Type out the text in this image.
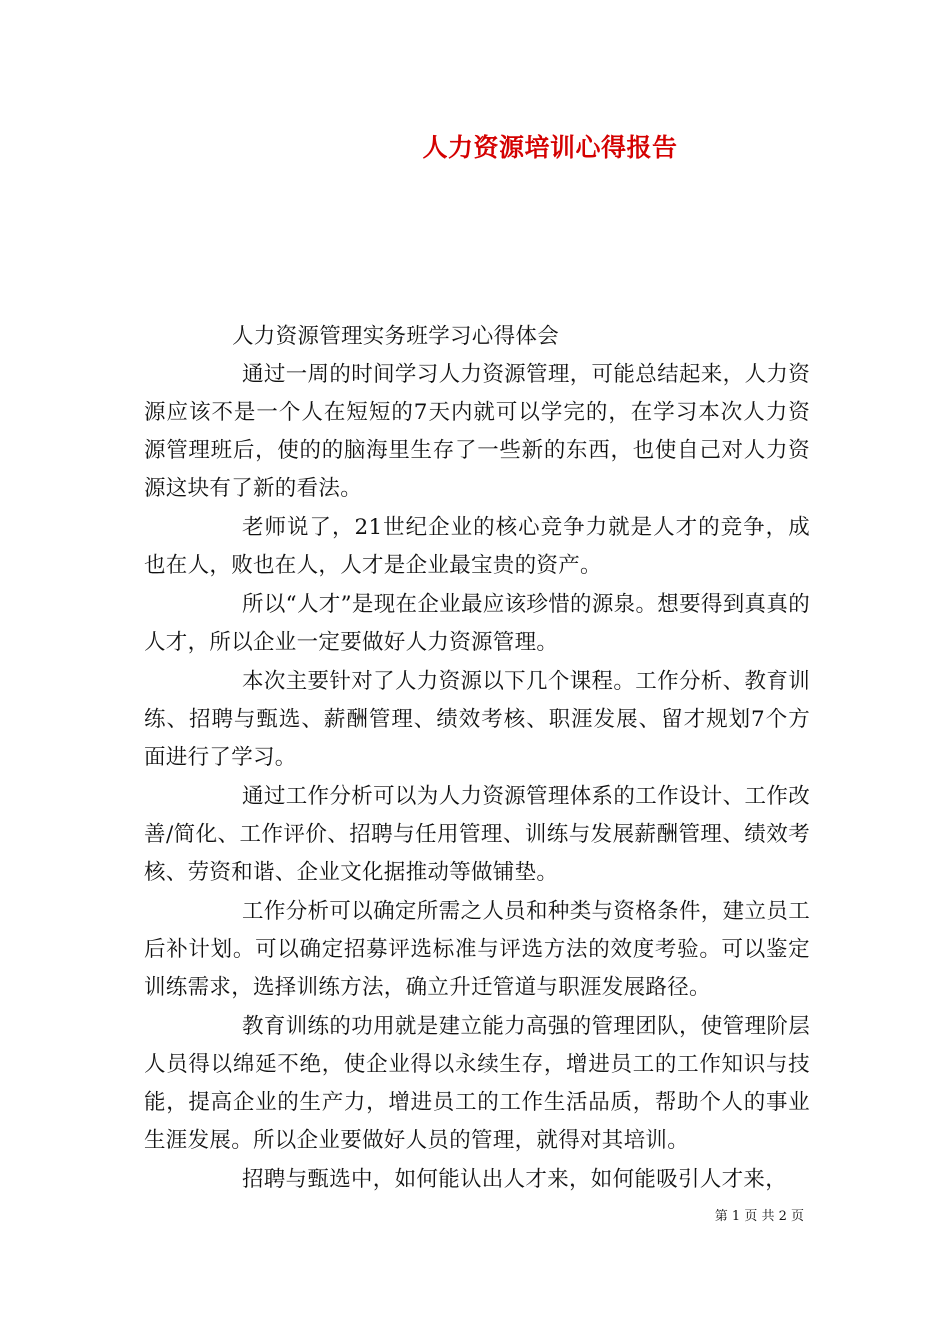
人力资源培训心得报告

人力资源管理实务班学习心得体会

通过一周的时间学习人力资源管理，可能总结起来，人力资源应该不是一个人在短短的7天内就可以学完的，在学习本次人力资源管理班后，使的的脑海里生存了一些新的东西，也使自己对人力资源这块有了新的看法。

老师说了，21世纪企业的核心竞争力就是人才的竞争，成也在人，败也在人，人才是企业最宝贵的资产。

所以“人才”是现在企业最应该珍惜的源泉。想要得到真真的人才，所以企业一定要做好人力资源管理。

本次主要针对了人力资源以下几个课程。工作分析、教育训练、招聘与甄选、薪酬管理、绩效考核、职涯发展、留才规划7个方面进行了学习。

通过工作分析可以为人力资源管理体系的工作设计、工作改善/简化、工作评价、招聘与任用管理、训练与发展薪酬管理、绩效考核、劳资和谐、企业文化据推动等做铺垫。

工作分析可以确定所需之人员和种类与资格条件，建立员工后补计划。可以确定招募评选标准与评选方法的效度考验。可以鉴定训练需求，选择训练方法，确立升迁管道与职涯发展路径。

教育训练的功用就是建立能力高强的管理团队，使管理阶层人员得以绵延不绝，使企业得以永续生存，增进员工的工作知识与技能，提高企业的生产力，增进员工的工作生活品质，帮助个人的事业生涯发展。所以企业要做好人员的管理，就得对其培训。

招聘与甄选中，如何能认出人才来，如何能吸引人才来，

第 1 页 共 2 页
